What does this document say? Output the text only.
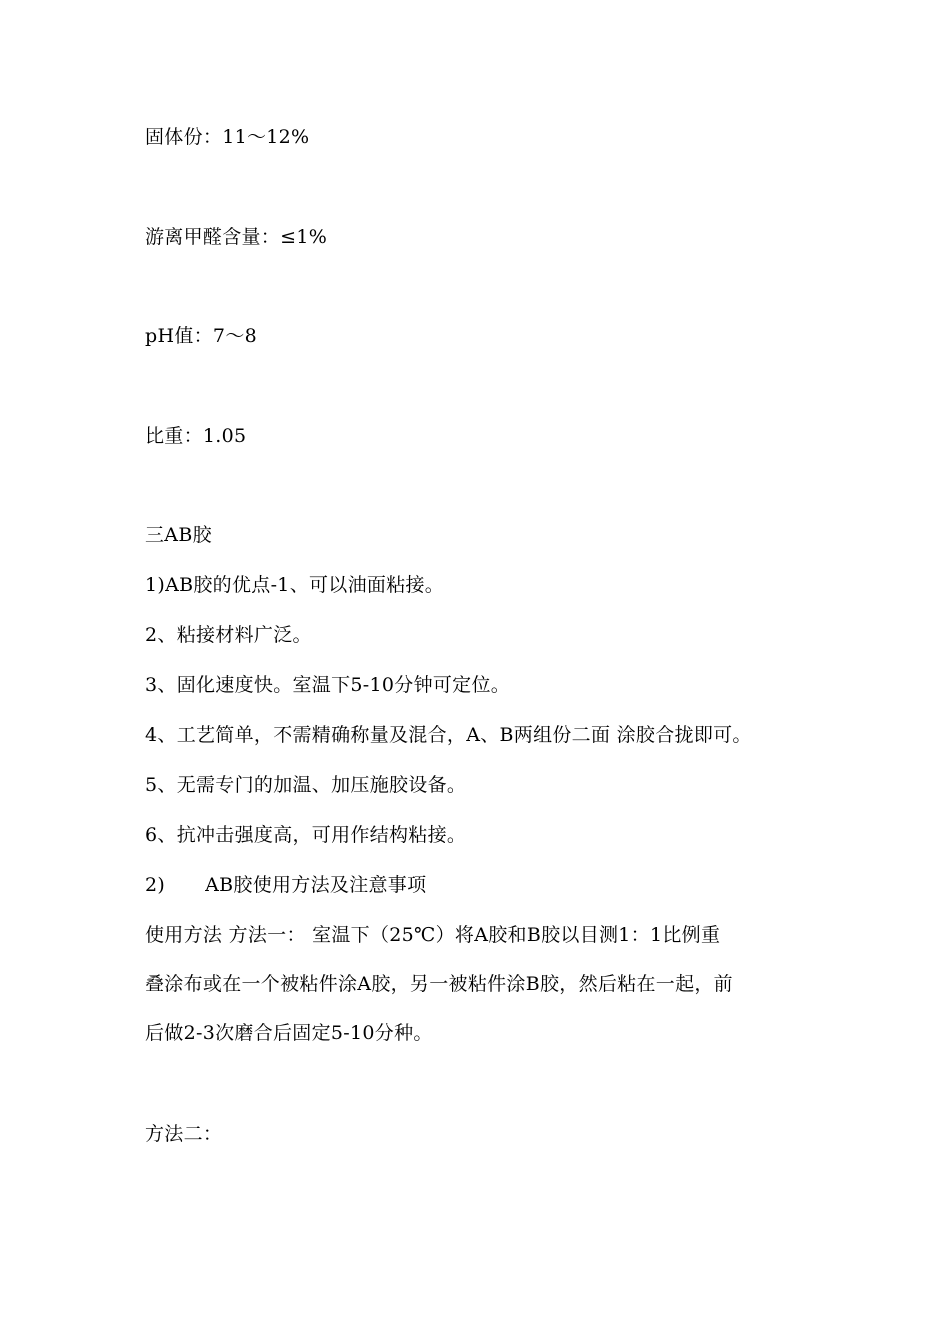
固体份：11～12%
游离甲醛含量：≤1%
pH值：7～8
比重：1.05
三AB胶
1)AB胶的优点-1、可以油面粘接。
2、粘接材料广泛。
3、固化速度快。室温下5-10分钟可定位。
4、工艺简单，不需精确称量及混合，A、B两组份二面 涂胶合拢即可。
5、无需专门的加温、加压施胶设备。
6、抗冲击强度高，可用作结构粘接。
2) AB胶使用方法及注意事项
使用方法 方法一： 室温下（25℃）将A胶和B胶以目测1：1比例重
叠涂布或在一个被粘件涂A胶，另一被粘件涂B胶，然后粘在一起，前
后做2-3次磨合后固定5-10分种。
方法二：
